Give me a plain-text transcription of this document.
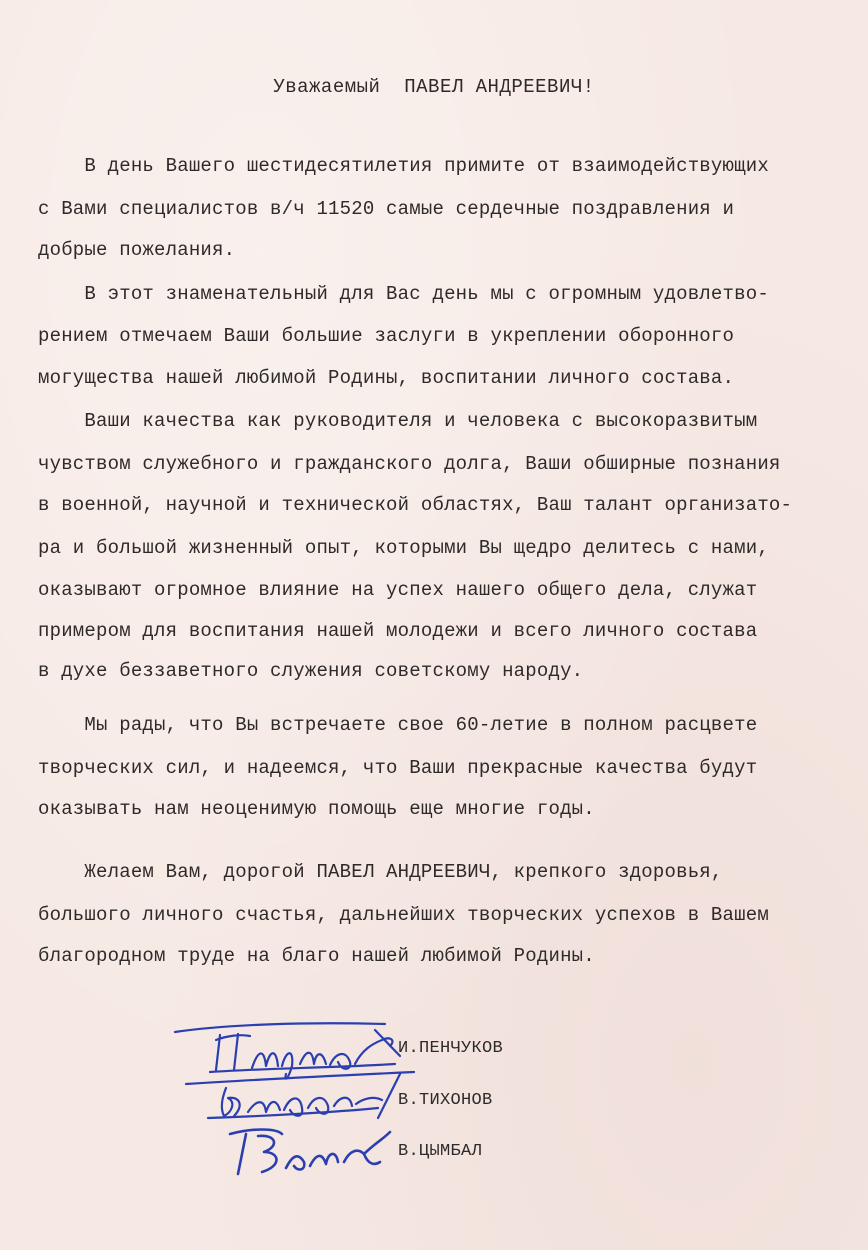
Уважаемый  ПАВЕЛ АНДРЕЕВИЧ!
В день Вашего шестидесятилетия примите от взаимодействующих
с Вами специалистов в/ч 11520 самые сердечные поздравления и
добрые пожелания.
В этот знаменательный для Вас день мы с огромным удовлетво-
рением отмечаем Ваши большие заслуги в укреплении оборонного
могущества нашей любимой Родины, воспитании личного состава.
Ваши качества как руководителя и человека с высокоразвитым
чувством служебного и гражданского долга, Ваши обширные познания
в военной, научной и технической областях, Ваш талант организато-
ра и большой жизненный опыт, которыми Вы щедро делитесь с нами,
оказывают огромное влияние на успех нашего общего дела, служат
примером для воспитания нашей молодежи и всего личного состава
в духе беззаветного служения советскому народу.
Мы рады, что Вы встречаете свое 60-летие в полном расцвете
творческих сил, и надеемся, что Ваши прекрасные качества будут
оказывать нам неоценимую помощь еще многие годы.
Желаем Вам, дорогой ПАВЕЛ АНДРЕЕВИЧ, крепкого здоровья,
большого личного счастья, дальнейших творческих успехов в Вашем
благородном труде на благо нашей любимой Родины.
И.ПЕНЧУКОВ
В.ТИХОНОВ
В.ЦЫМБАЛ
